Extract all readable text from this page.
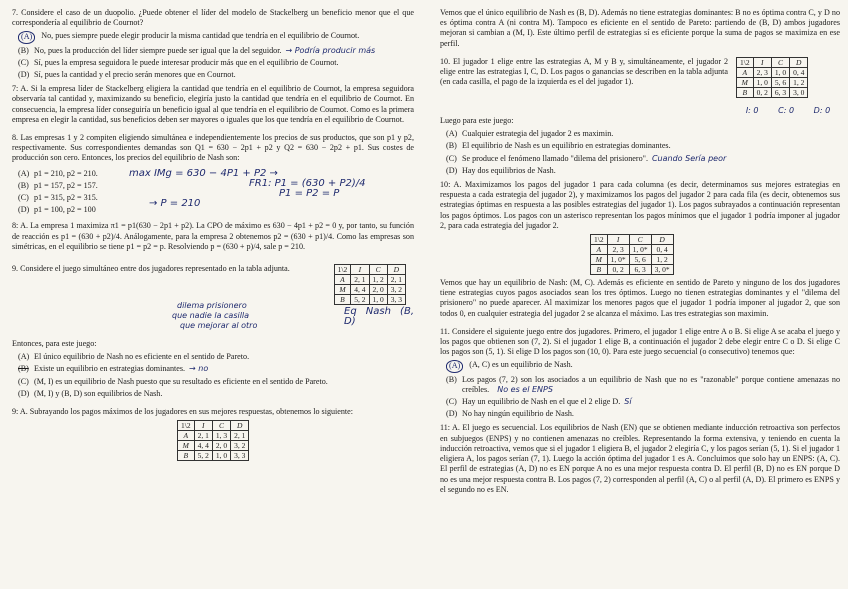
7. Considere el caso de un duopolio. ¿Puede obtener el líder del modelo de Stackelberg un beneficio menor que el que correspondería al equilibrio de Cournot?

(A)	No, pues siempre puede elegir producir la misma cantidad que tendría en el equilibrio de Cournot.
(B) No, pues la producción del líder siempre puede ser igual que la del seguidor. → Podría producir más
(C) Sí, pues la empresa seguidora le puede interesar producir más que en el equilibrio de Cournot.
(D) Sí, pues la cantidad y el precio serán menores que en Cournot.

7: A. Si la empresa líder de Stackelberg eligiera la cantidad que tendría en el equilibrio de Cournot, la empresa seguidora observaría tal cantidad y, maximizando su beneficio, elegiría justo la cantidad que tendría en el equilibrio de Cournot. En consecuencia, la empresa líder conseguiría un beneficio igual al que tendría en el equilibrio de Cournot. Como es la primera empresa en elegir la cantidad, sus beneficios deben ser mayores o iguales que los que tendría en el equilibrio de Cournot.

8. Las empresas 1 y 2 compiten eligiendo simultánea e independientemente los precios de sus productos, que son p1 y p2, respectivamente. Sus correspondientes demandas son Q1 = 630 − 2p1 + p2 y Q2 = 630 − 2p2 + p1. Sus costes de producción son cero. Entonces, los precios del equilibrio de Nash son:

(A) p1 = 210, p2 = 210.
(B) p1 = 157, p2 = 157.
(C) p1 = 315, p2 = 315.
(D) p1 = 100, p2 = 100
max IMg = 630 − 4P1 + P2 →
FR1: P1 = (630 + P2)/4
P1 = P2 = P
→ P = 210

8: A. La empresa 1 maximiza π1 = p1(630 − 2p1 + p2). La CPO de máximo es 630 − 4p1 + p2 = 0 y, por tanto, su función de reacción es p1 = (630 + p2)/4. Análogamente, para la empresa 2 obtenemos p2 = (630 + p1)/4. Como las empresas son simétricas, en el equilibrio se tiene p1 = p2 = p. Resolviendo p = (630 + p)/4, sale p = 210.

9. Considere el juego simultáneo entre dos jugadores representado en la tabla adjunta.	1\2	I	C	D
A	2, 1	1, 2	2, 1
M	4, 4	2, 0	3, 2
B	5, 2	1, 0	3, 3
dilema prisionero
que nadie la casilla
que mejorar al otro
Eq Nash (B, D)

Entonces, para este juego:

(A) El único equilibrio de Nash no es eficiente en el sentido de Pareto.
(B) Existe un equilibrio en estrategias dominantes. → no
(C) (M, I) es un equilibrio de Nash puesto que su resultado es eficiente en el sentido de Pareto.
(D) (M, I) y (B, D) son equilibrios de Nash.

9: A. Subrayando los pagos máximos de los jugadores en sus mejores respuestas, obtenemos lo siguiente:

1\2	I	C	D
A	2, 1	1, 3	2, 1
M	4, 4	2, 0	3, 2
B	5, 2	1, 0	3, 3

Vemos que el único equilibrio de Nash es (B, D). Además no tiene estrategias dominantes: B no es óptima contra C, y D no es óptima contra A (ni contra M). Tampoco es eficiente en el sentido de Pareto: partiendo de (B, D) ambos jugadores mejoran si cambian a (M, I). Este último perfil de estrategias sí es eficiente porque la suma de pagos se maximiza en ese perfil.

10. El jugador 1 elige entre las estrategias A, M y B y, simultáneamente, el jugador 2 elige entre las estrategias I, C, D. Los pagos o ganancias se describen en la tabla adjunta (en cada casilla, el pago de la izquierda es el del jugador 1).

1\2	I	C	D
A	2, 3	1, 0	0, 4
M	1, 0	5, 6	1, 2
B	0, 2	6, 3	3, 0
I: 0 C: 0 D: 0

Luego para este juego:

(A) Cualquier estrategia del jugador 2 es maximin.
(B) El equilibrio de Nash es un equilibrio en estrategias dominantes.
(C) Se produce el fenómeno llamado "dilema del prisionero". Cuando Sería peor
(D) Hay dos equilibrios de Nash.

10: A. Maximizamos los pagos del jugador 1 para cada columna (es decir, determinamos sus mejores estrategias en respuesta a cada estrategia del jugador 2), y maximizamos los pagos del jugador 2 para cada fila (es decir, obtenemos sus estrategias óptimas en respuesta a las posibles estrategias del jugador 1). Los pagos subrayados a continuación representan los pagos óptimos. Los pagos con un asterisco representan los pagos mínimos que el jugador 1 podría imponer al jugador 2, para cada estrategia del jugador 2.

1\2	I	C	D
A	2, 3	1, 0*	0, 4
M	1, 0*	5, 6	1, 2
B	0, 2	6, 3	3, 0*

Vemos que hay un equilibrio de Nash: (M, C). Además es eficiente en sentido de Pareto y ninguno de los dos jugadores tiene estrategias cuyos pagos asociados sean los tres óptimos. Luego no tienen estrategias dominantes y el "dilema del prisionero" no puede aparecer. Al maximizar los menores pagos que el jugador 1 podría imponer al jugador 2, que son todos 0, en cualquier estrategia del jugador 2 se alcanza el máximo. Las tres estrategias son maximin.

11. Considere el siguiente juego entre dos jugadores. Primero, el jugador 1 elige entre A o B. Si elige A se acaba el juego y los pagos que obtienen son (7, 2). Si el jugador 1 elige B, a continuación el jugador 2 debe elegir entre C o D. Si elige C los pagos son (5, 1). Si elige D los pagos son (10, 0). Para este juego secuencial (o consecutivo) tenemos que:

(A)	(A, C) es un equilibrio de Nash.
(B) Los pagos (7, 2) son los asociados a un equilibrio de Nash que no es "razonable" porque contiene amenazas no creíbles. No es el ENPS
(C) Hay un equilibrio de Nash en el que el 2 elige D. Sí
(D) No hay ningún equilibrio de Nash.

11: A. El juego es secuencial. Los equilibrios de Nash (EN) que se obtienen mediante inducción retroactiva son perfectos en subjuegos (ENPS) y no contienen amenazas no creíbles. Representando la forma extensiva, y teniendo en cuenta la inducción retroactiva, vemos que si el jugador 1 eligiera B, el jugador 2 elegiría C, y los pagos serían (5, 1). Si el jugador 1 eligiera A, los pagos serían (7, 1). Luego la acción óptima del jugador 1 es A. Concluimos que solo hay un ENPS: (A, C). El perfil de estrategias (A, D) no es EN porque A no es una mejor respuesta contra D. El perfil (B, D) no es EN porque D no es una mejor respuesta contra B. Los pagos (7, 2) corresponden al perfil (A, C) o al perfil (A, D). El primero es ENPS y el segundo no es EN.
